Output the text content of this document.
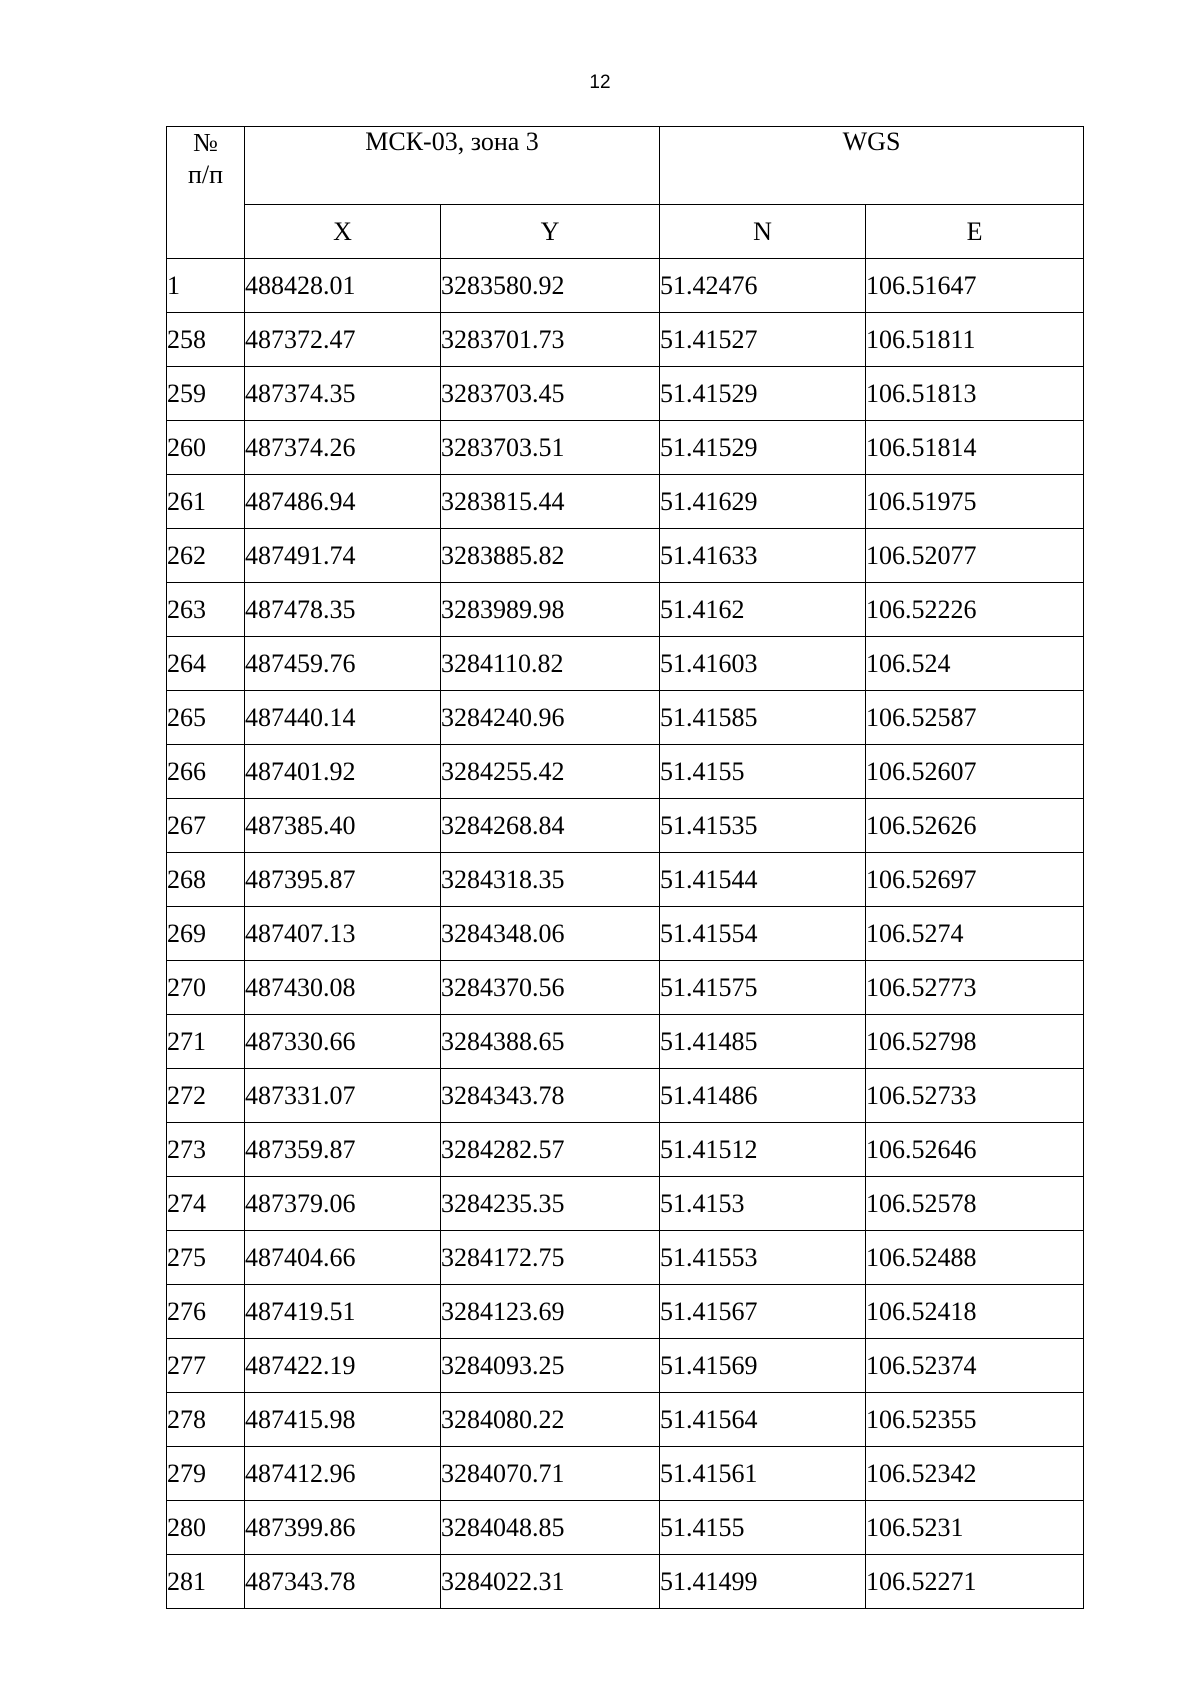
12
№
п/п	МСК-03, зона 3		WGS	
	X	Y	N	E
1	488428.01	3283580.92	51.42476	106.51647
258	487372.47	3283701.73	51.41527	106.51811
259	487374.35	3283703.45	51.41529	106.51813
260	487374.26	3283703.51	51.41529	106.51814
261	487486.94	3283815.44	51.41629	106.51975
262	487491.74	3283885.82	51.41633	106.52077
263	487478.35	3283989.98	51.4162	106.52226
264	487459.76	3284110.82	51.41603	106.524
265	487440.14	3284240.96	51.41585	106.52587
266	487401.92	3284255.42	51.4155	106.52607
267	487385.40	3284268.84	51.41535	106.52626
268	487395.87	3284318.35	51.41544	106.52697
269	487407.13	3284348.06	51.41554	106.5274
270	487430.08	3284370.56	51.41575	106.52773
271	487330.66	3284388.65	51.41485	106.52798
272	487331.07	3284343.78	51.41486	106.52733
273	487359.87	3284282.57	51.41512	106.52646
274	487379.06	3284235.35	51.4153	106.52578
275	487404.66	3284172.75	51.41553	106.52488
276	487419.51	3284123.69	51.41567	106.52418
277	487422.19	3284093.25	51.41569	106.52374
278	487415.98	3284080.22	51.41564	106.52355
279	487412.96	3284070.71	51.41561	106.52342
280	487399.86	3284048.85	51.4155	106.5231
281	487343.78	3284022.31	51.41499	106.52271
